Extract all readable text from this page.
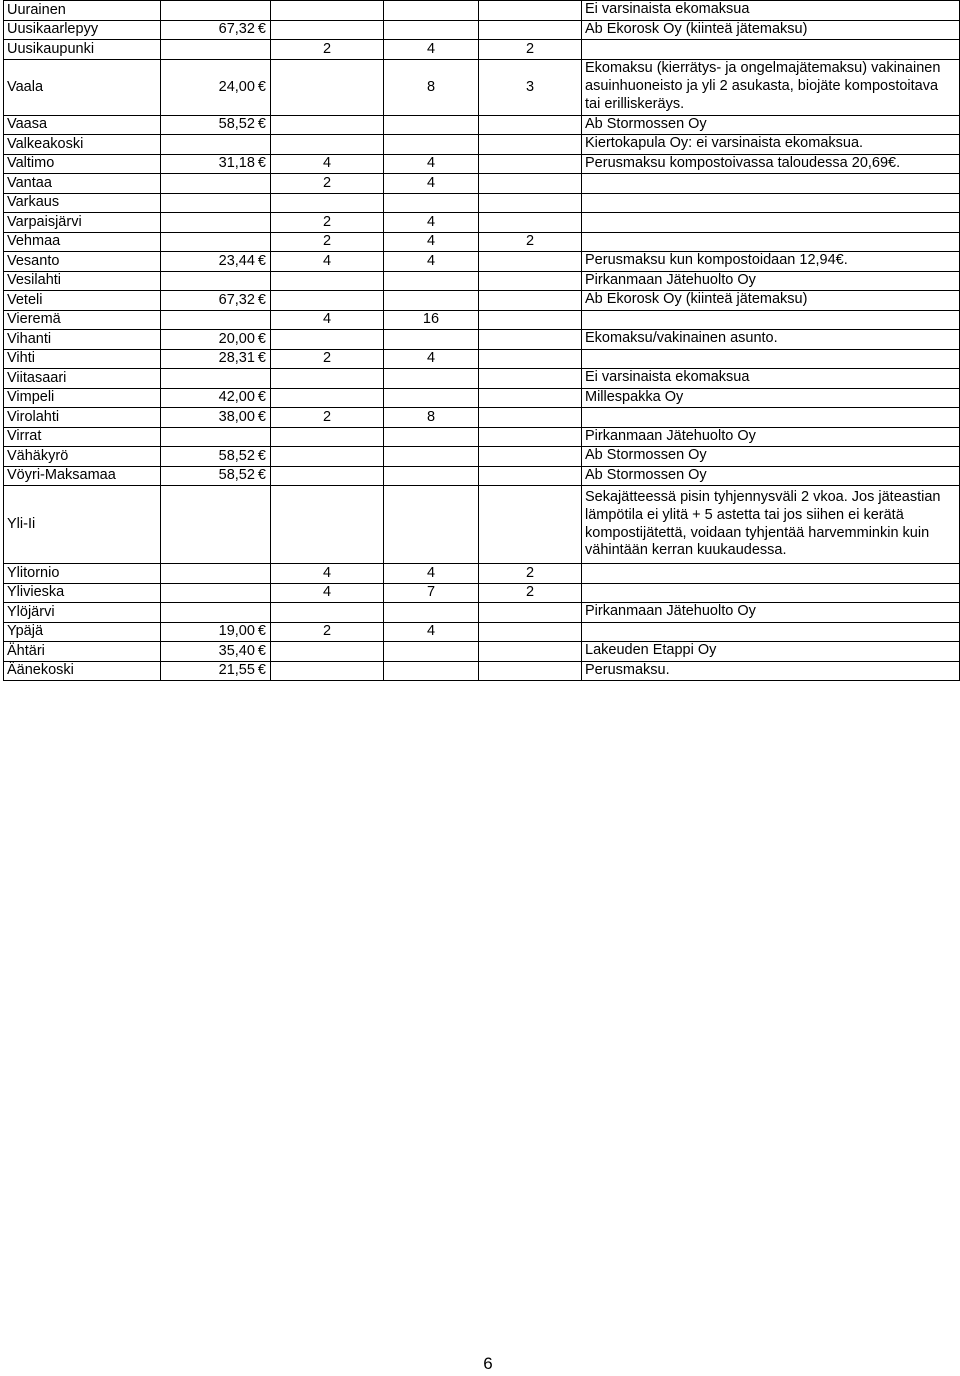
Uurainen					Ei varsinaista ekomaksua
Uusikaarlepyy	67,32 €				Ab Ekorosk Oy (kiinteä jätemaksu)
Uusikaupunki		2	4	2	
Vaala	24,00 €		8	3	Ekomaksu (kierrätys- ja ongelmajätemaksu) vakinainen asuinhuoneisto ja yli 2 asukasta, biojäte kompostoitava tai erilliskeräys.
Vaasa	58,52 €				Ab Stormossen Oy
Valkeakoski					Kiertokapula Oy: ei varsinaista ekomaksua.
Valtimo	31,18 €	4	4		Perusmaksu kompostoivassa taloudessa 20,69€.
Vantaa		2	4		
Varkaus					
Varpaisjärvi		2	4		
Vehmaa		2	4	2	
Vesanto	23,44 €	4	4		Perusmaksu kun kompostoidaan 12,94€.
Vesilahti					Pirkanmaan Jätehuolto Oy
Veteli	67,32 €				Ab Ekorosk Oy (kiinteä jätemaksu)
Vieremä		4	16		
Vihanti	20,00 €				Ekomaksu/vakinainen asunto.
Vihti	28,31 €	2	4		
Viitasaari					Ei varsinaista ekomaksua
Vimpeli	42,00 €				Millespakka Oy
Virolahti	38,00 €	2	8		
Virrat					Pirkanmaan Jätehuolto Oy
Vähäkyrö	58,52 €				Ab Stormossen Oy
Vöyri-Maksamaa	58,52 €				Ab Stormossen Oy
Yli-Ii					Sekajätteessä pisin tyhjennysväli 2 vkoa. Jos jäteastian lämpötila ei ylitä + 5 astetta tai jos siihen ei kerätä kompostijätettä, voidaan tyhjentää harvemminkin kuin vähintään kerran kuukaudessa.
Ylitornio		4	4	2	
Ylivieska		4	7	2	
Ylöjärvi					Pirkanmaan Jätehuolto Oy
Ypäjä	19,00 €	2	4		
Ähtäri	35,40 €				Lakeuden Etappi Oy
Äänekoski	21,55 €				Perusmaksu.
6
